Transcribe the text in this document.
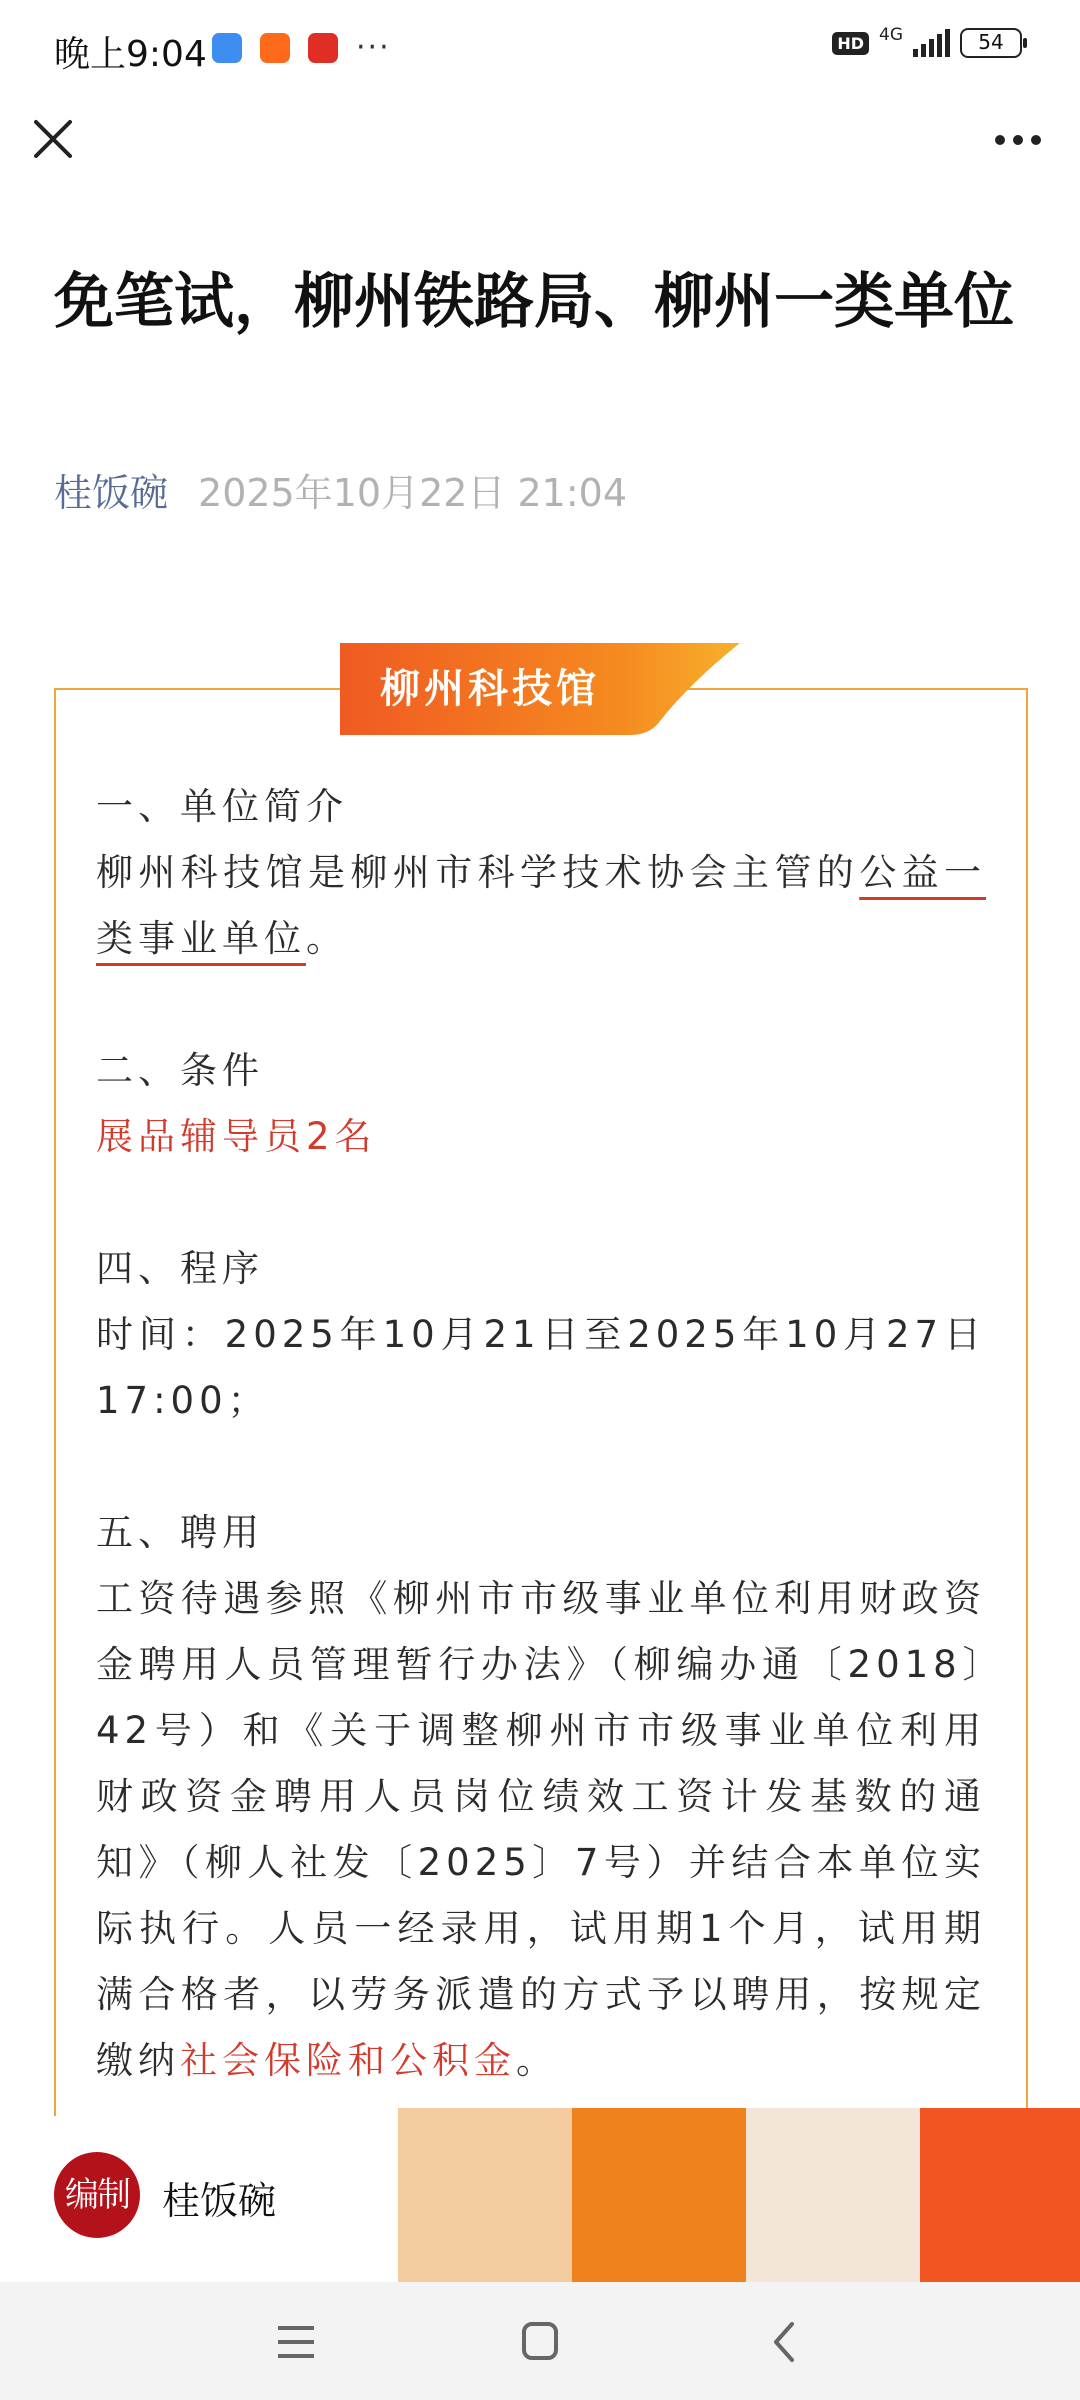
晚上9:04	···	HD 4G	54
免笔试，柳州铁路局、柳州一类单位
桂饭碗 2025年10月22日 21:04
柳州科技馆

一、单位简介

柳州科技馆是柳州市科学技术协会主管的公益一类事业单位。

二、条件

展品辅导员2名

四、程序

时间：2025年10月21日至2025年10月27日17:00；

五、聘用

工资待遇参照《柳州市市级事业单位利用财政资金聘用人员管理暂行办法》（柳编办通〔2018〕42号）和《关于调整柳州市市级事业单位利用财政资金聘用人员岗位绩效工资计发基数的通知》（柳人社发〔2025〕7号）并结合本单位实际执行。人员一经录用，试用期1个月，试用期满合格者，以劳务派遣的方式予以聘用，按规定缴纳社会保险和公积金。

编制 桂饭碗
